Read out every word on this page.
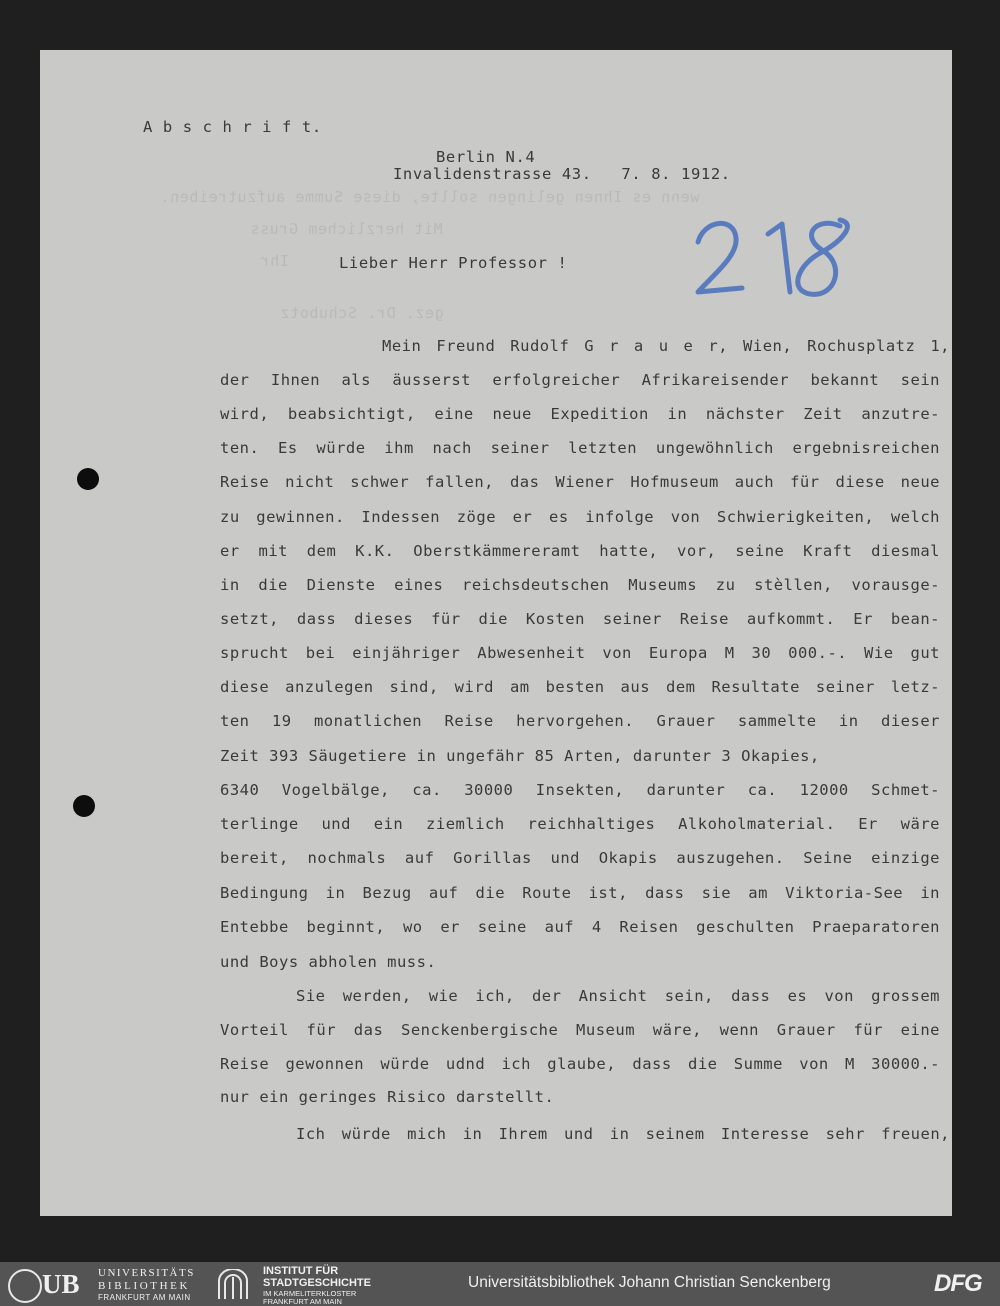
wenn es Ihnen gelingen sollte, diese Summe aufzutreiben.
Mit herzlichem Gruss
Ihr
gez. Dr. Schubotz
A b s c h r i f t.
Berlin N.4
Invalidenstrasse 43.   7. 8. 1912.
Lieber Herr Professor !
Mein Freund Rudolf G r a u e r, Wien, Rochusplatz 1,
der Ihnen als äusserst erfolgreicher Afrikareisender bekannt sein
wird, beabsichtigt, eine neue Expedition in nächster Zeit anzutre-
ten. Es würde ihm nach seiner letzten ungewöhnlich ergebnisreichen
Reise nicht schwer fallen, das Wiener Hofmuseum auch für diese neue
zu gewinnen. Indessen zöge er es infolge von Schwierigkeiten, welch
er mit dem K.K. Oberstkämmereramt hatte, vor, seine Kraft diesmal
in die Dienste eines reichsdeutschen Museums zu stèllen, vorausge-
setzt, dass dieses für die Kosten seiner Reise aufkommt. Er bean-
sprucht bei einjähriger Abwesenheit von Europa M 30 000.-. Wie gut
diese anzulegen sind, wird am besten aus dem Resultate seiner letz-
ten 19 monatlichen Reise hervorgehen. Grauer sammelte in dieser
Zeit 393 Säugetiere in ungefähr 85 Arten, darunter 3 Okapies,
6340 Vogelbälge, ca. 30000 Insekten, darunter ca. 12000 Schmet-
terlinge und ein ziemlich reichhaltiges Alkoholmaterial. Er wäre
bereit, nochmals auf Gorillas und Okapis auszugehen. Seine einzige
Bedingung in Bezug auf die Route ist, dass sie am Viktoria-See in
Entebbe beginnt, wo er seine auf 4 Reisen geschulten Praeparatoren
und Boys abholen muss.
Sie werden, wie ich, der Ansicht sein, dass es von grossem
Vorteil für das Senckenbergische Museum wäre, wenn Grauer für eine
Reise gewonnen würde udnd ich glaube, dass die Summe von M 30000.-
nur ein geringes Risico darstellt.
Ich würde mich in Ihrem und in seinem Interesse sehr freuen,
UB UNIVERSITÄTS
BIBLIOTHEK
FRANKFURT AM MAIN
INSTITUT FÜR
STADTGESCHICHTE
IM KARMELITERKLOSTER
FRANKFURT AM MAIN
Universitätsbibliothek Johann Christian Senckenberg	DFG
